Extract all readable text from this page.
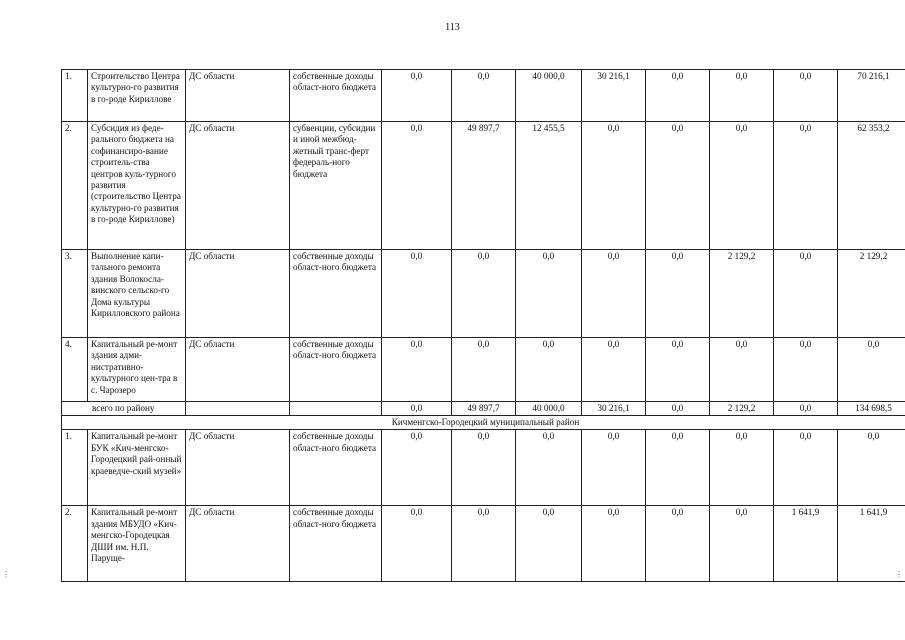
113
⋮	⋮
1.	Строительство Центра культурно-го развития в го-роде Кириллове	ДС области	собственные доходы област-ного бюджета	0,0	0,0	40 000,0	30 216,1	0,0	0,0	0,0	70 216,1
2.	Субсидия из феде-рального бюджета на софинансиро-вание строитель-ства центров куль-турного развития (строительство Центра культурно-го развития в го-роде Кириллове)	ДС области	субвенции, субсидии и иной межбюд-жетный транс-ферт федераль-ного бюджета	0,0	49 897,7	12 455,5	0,0	0,0	0,0	0,0	62 353,2
3.	Выполнение капи-тального ремонта здания Волокосла-винского сельско-го Дома культуры Кирилловского района	ДС области	собственные доходы област-ного бюджета	0,0	0,0	0,0	0,0	0,0	2 129,2	0,0	2 129,2
4.	Капитальный ре-монт здания адми-нистративно-культурного цен-тра в с. Чарозеро	ДС области	собственные доходы област-ного бюджета	0,0	0,0	0,0	0,0	0,0	0,0	0,0	0,0
всего по району				0,0	49 897,7	40 000,0	30 216,1	0,0	2 129,2	0,0	134 698,5
Кичменгско-Городецкий муниципальный район											
1.	Капитальный ре-монт БУК «Кич-менгско-Городецкий рай-онный краеведче-ский музей»	ДС области	собственные доходы област-ного бюджета	0,0	0,0	0,0	0,0	0,0	0,0	0,0	0,0
2.	Капитальный ре-монт здания МБУДО «Кич-менгско-Городецкая ДШИ им. Н.П. Паруще-	ДС области	собственные доходы област-ного бюджета	0,0	0,0	0,0	0,0	0,0	0,0	1 641,9	1 641,9
